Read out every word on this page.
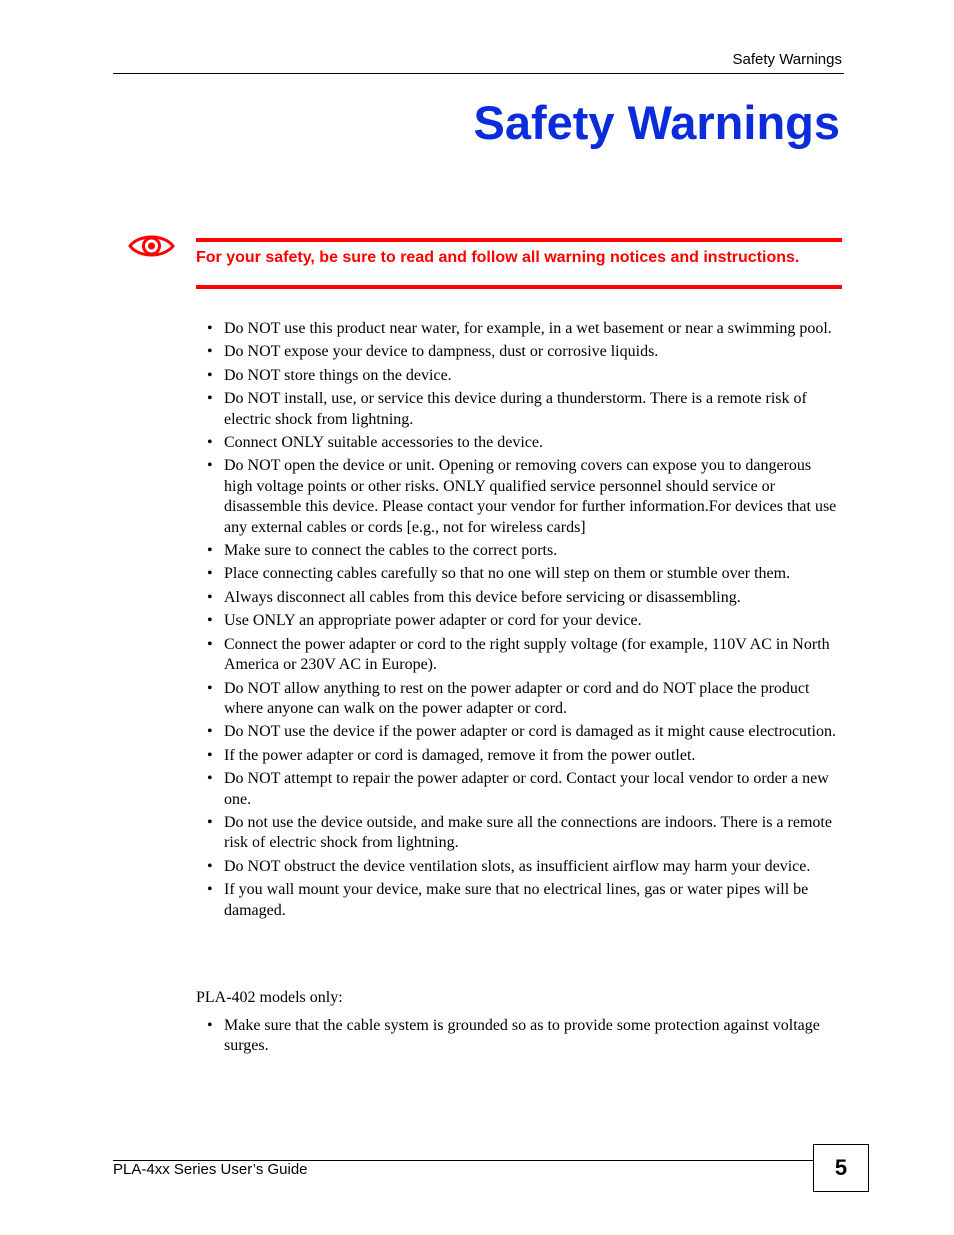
Safety Warnings
Safety Warnings
For your safety, be sure to read and follow all warning notices and instructions.
• Do NOT use this product near water, for example, in a wet basement or near a swimming pool.
• Do NOT expose your device to dampness, dust or corrosive liquids.
• Do NOT store things on the device.
• Do NOT install, use, or service this device during a thunderstorm. There is a remote risk of electric shock from lightning.
• Connect ONLY suitable accessories to the device.
• Do NOT open the device or unit. Opening or removing covers can expose you to dangerous high voltage points or other risks. ONLY qualified service personnel should service or disassemble this device. Please contact your vendor for further information.For devices that use any external cables or cords [e.g., not for wireless cards]
• Make sure to connect the cables to the correct ports.
• Place connecting cables carefully so that no one will step on them or stumble over them.
• Always disconnect all cables from this device before servicing or disassembling.
• Use ONLY an appropriate power adapter or cord for your device.
• Connect the power adapter or cord to the right supply voltage (for example, 110V AC in North America or 230V AC in Europe).
• Do NOT allow anything to rest on the power adapter or cord and do NOT place the product where anyone can walk on the power adapter or cord.
• Do NOT use the device if the power adapter or cord is damaged as it might cause electrocution.
• If the power adapter or cord is damaged, remove it from the power outlet.
• Do NOT attempt to repair the power adapter or cord. Contact your local vendor to order a new one.
• Do not use the device outside, and make sure all the connections are indoors. There is a remote risk of electric shock from lightning.
• Do NOT obstruct the device ventilation slots, as insufficient airflow may harm your device.
• If you wall mount your device, make sure that no electrical lines, gas or water pipes will be damaged.
PLA-402 models only:
• Make sure that the cable system is grounded so as to provide some protection against voltage surges.
PLA-4xx Series User’s Guide	5
